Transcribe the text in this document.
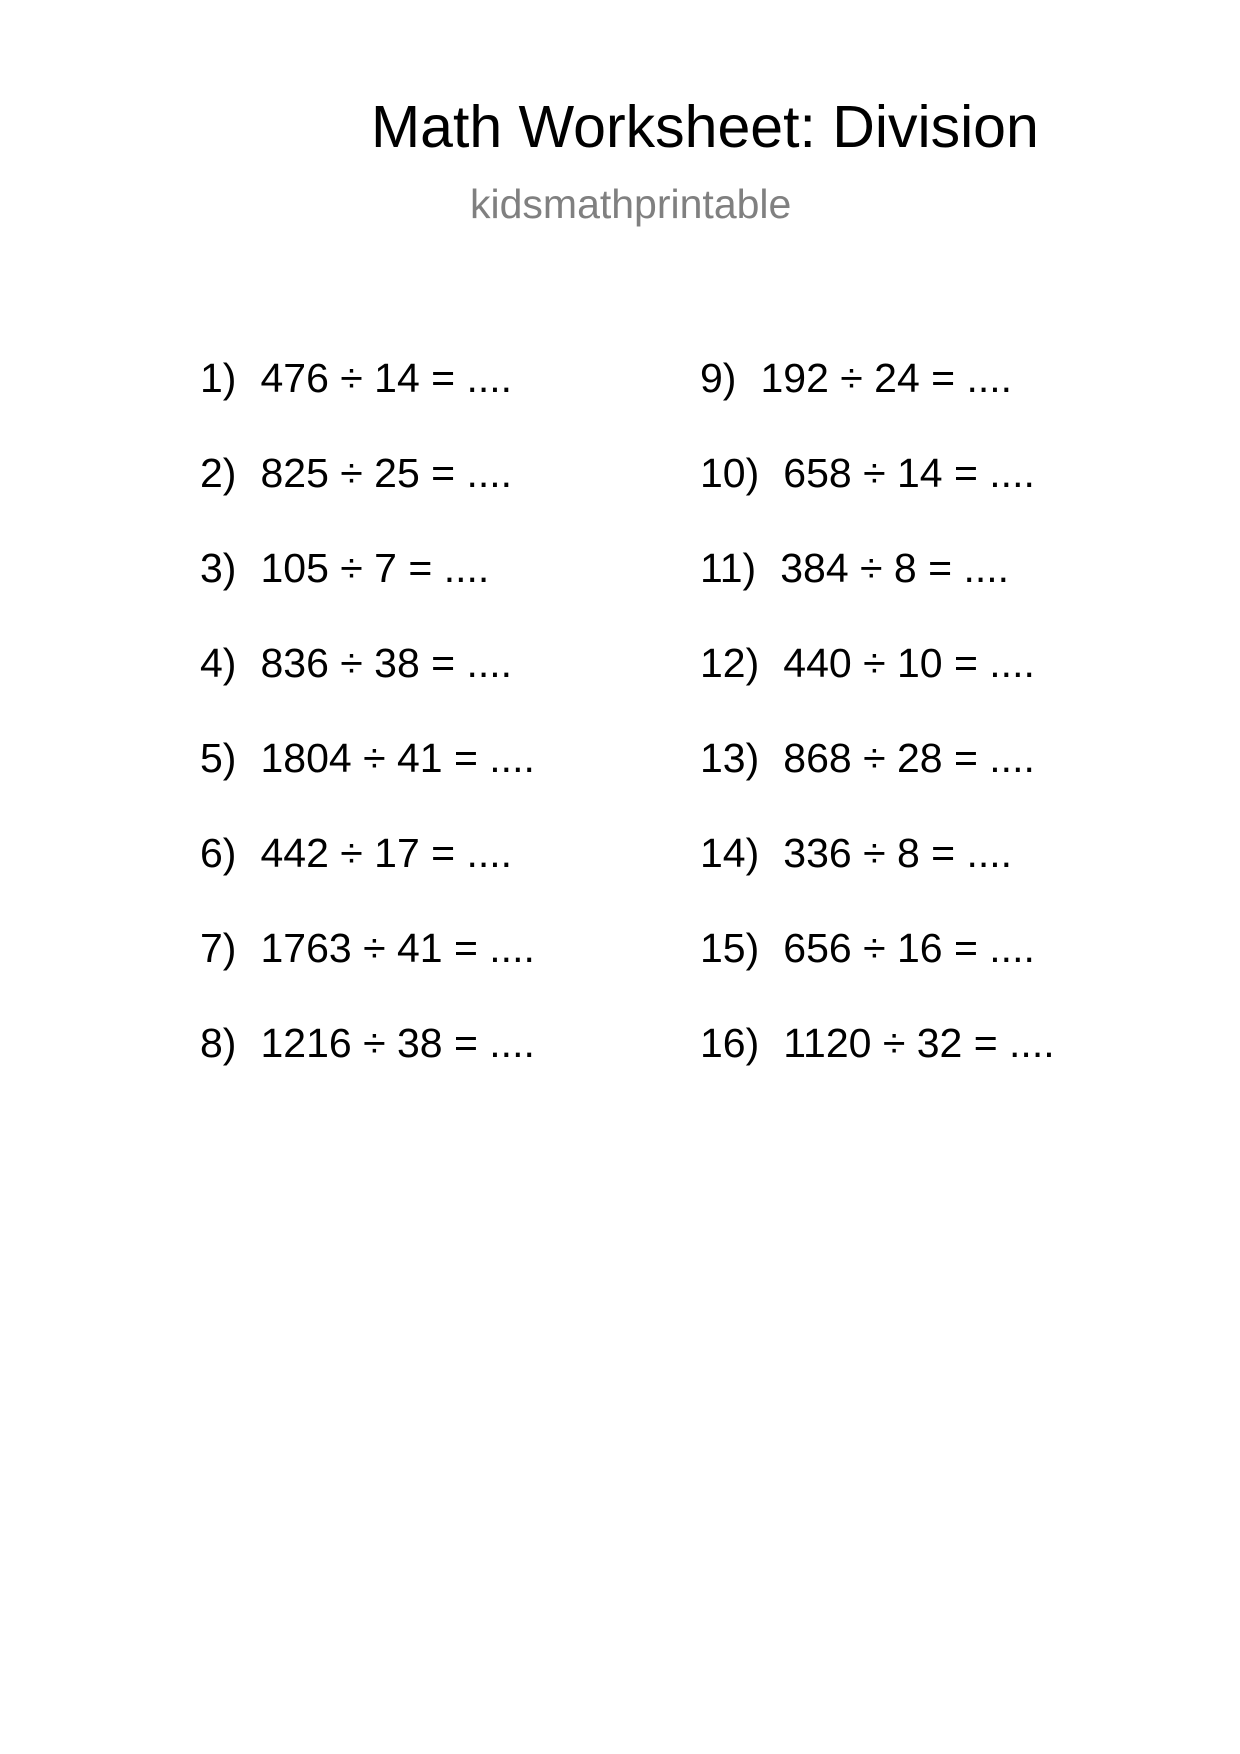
Math Worksheet: Division
kidsmathprintable
1) 476 ÷ 14 = ....
2) 825 ÷ 25 = ....
3) 105 ÷ 7 = ....
4) 836 ÷ 38 = ....
5) 1804 ÷ 41 = ....
6) 442 ÷ 17 = ....
7) 1763 ÷ 41 = ....
8) 1216 ÷ 38 = ....
9) 192 ÷ 24 = ....
10) 658 ÷ 14 = ....
11) 384 ÷ 8 = ....
12) 440 ÷ 10 = ....
13) 868 ÷ 28 = ....
14) 336 ÷ 8 = ....
15) 656 ÷ 16 = ....
16) 1120 ÷ 32 = ....
